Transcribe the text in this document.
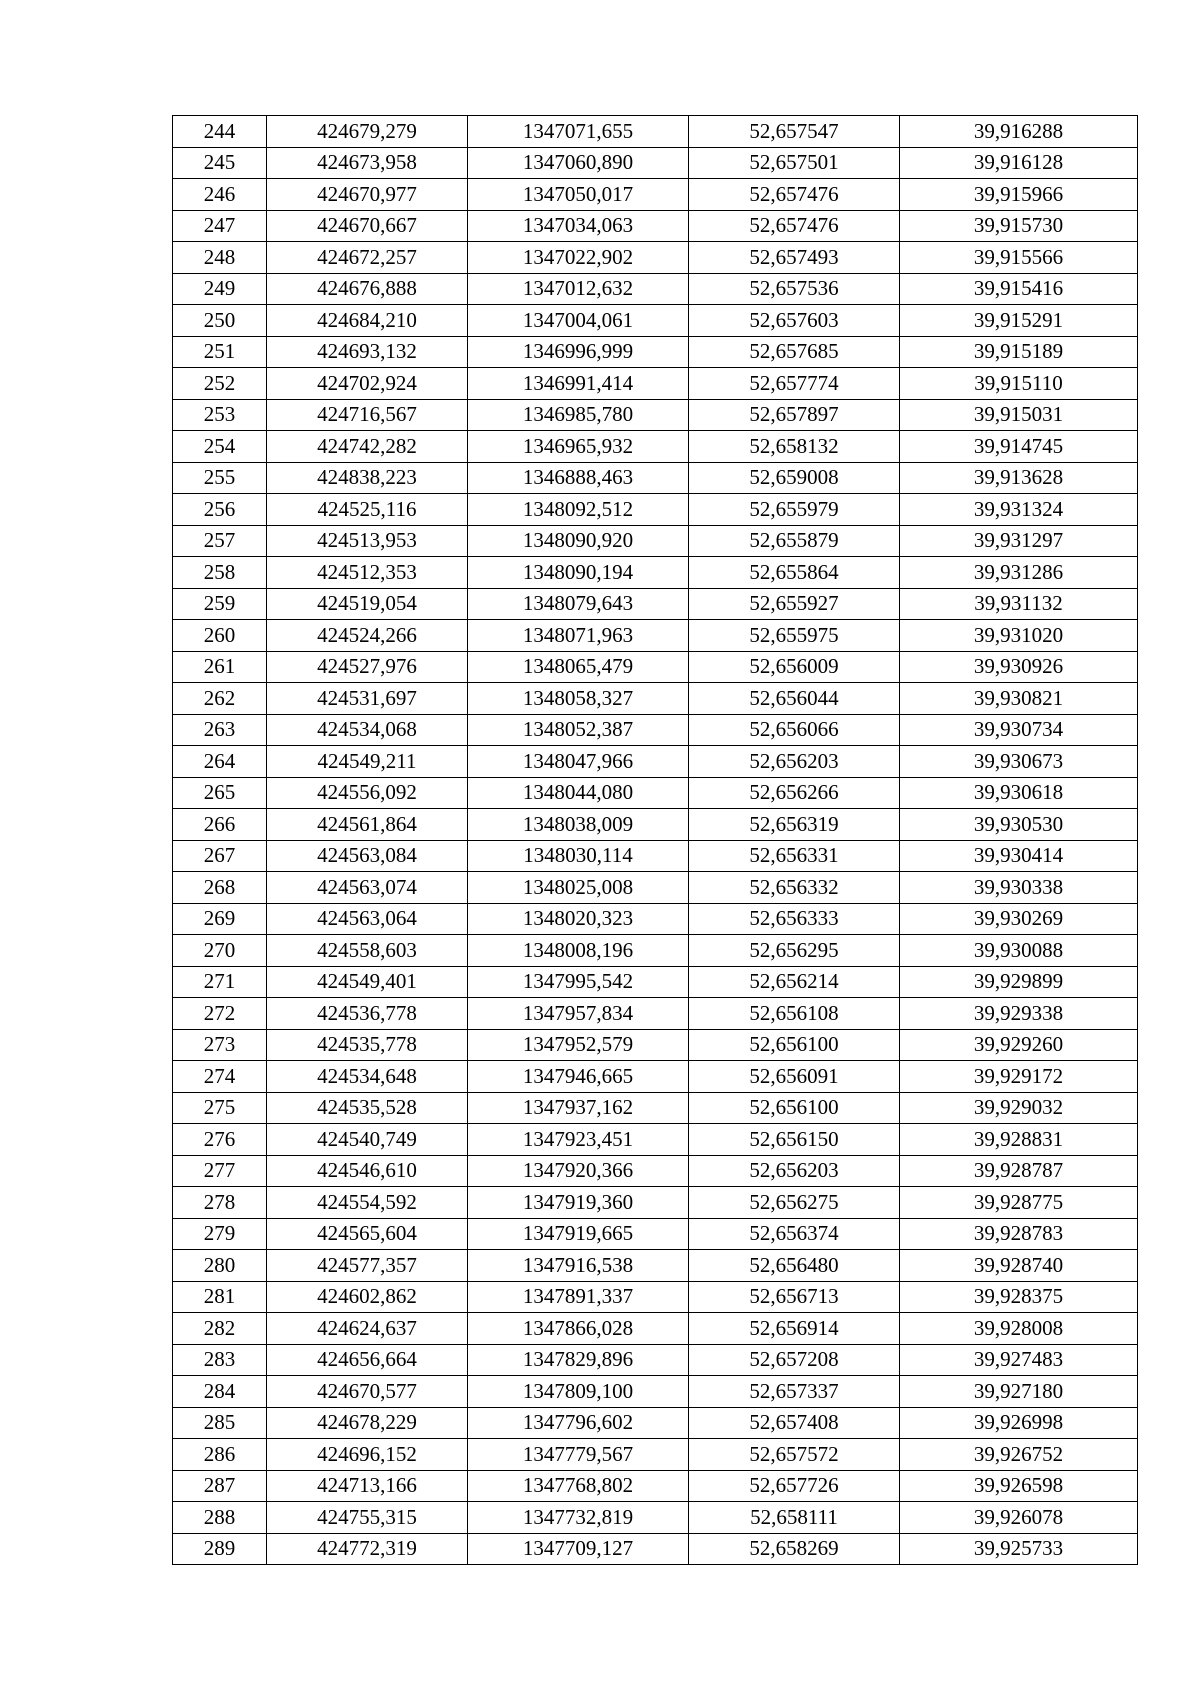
244	424679,279	1347071,655	52,657547	39,916288
245	424673,958	1347060,890	52,657501	39,916128
246	424670,977	1347050,017	52,657476	39,915966
247	424670,667	1347034,063	52,657476	39,915730
248	424672,257	1347022,902	52,657493	39,915566
249	424676,888	1347012,632	52,657536	39,915416
250	424684,210	1347004,061	52,657603	39,915291
251	424693,132	1346996,999	52,657685	39,915189
252	424702,924	1346991,414	52,657774	39,915110
253	424716,567	1346985,780	52,657897	39,915031
254	424742,282	1346965,932	52,658132	39,914745
255	424838,223	1346888,463	52,659008	39,913628
256	424525,116	1348092,512	52,655979	39,931324
257	424513,953	1348090,920	52,655879	39,931297
258	424512,353	1348090,194	52,655864	39,931286
259	424519,054	1348079,643	52,655927	39,931132
260	424524,266	1348071,963	52,655975	39,931020
261	424527,976	1348065,479	52,656009	39,930926
262	424531,697	1348058,327	52,656044	39,930821
263	424534,068	1348052,387	52,656066	39,930734
264	424549,211	1348047,966	52,656203	39,930673
265	424556,092	1348044,080	52,656266	39,930618
266	424561,864	1348038,009	52,656319	39,930530
267	424563,084	1348030,114	52,656331	39,930414
268	424563,074	1348025,008	52,656332	39,930338
269	424563,064	1348020,323	52,656333	39,930269
270	424558,603	1348008,196	52,656295	39,930088
271	424549,401	1347995,542	52,656214	39,929899
272	424536,778	1347957,834	52,656108	39,929338
273	424535,778	1347952,579	52,656100	39,929260
274	424534,648	1347946,665	52,656091	39,929172
275	424535,528	1347937,162	52,656100	39,929032
276	424540,749	1347923,451	52,656150	39,928831
277	424546,610	1347920,366	52,656203	39,928787
278	424554,592	1347919,360	52,656275	39,928775
279	424565,604	1347919,665	52,656374	39,928783
280	424577,357	1347916,538	52,656480	39,928740
281	424602,862	1347891,337	52,656713	39,928375
282	424624,637	1347866,028	52,656914	39,928008
283	424656,664	1347829,896	52,657208	39,927483
284	424670,577	1347809,100	52,657337	39,927180
285	424678,229	1347796,602	52,657408	39,926998
286	424696,152	1347779,567	52,657572	39,926752
287	424713,166	1347768,802	52,657726	39,926598
288	424755,315	1347732,819	52,658111	39,926078
289	424772,319	1347709,127	52,658269	39,925733
